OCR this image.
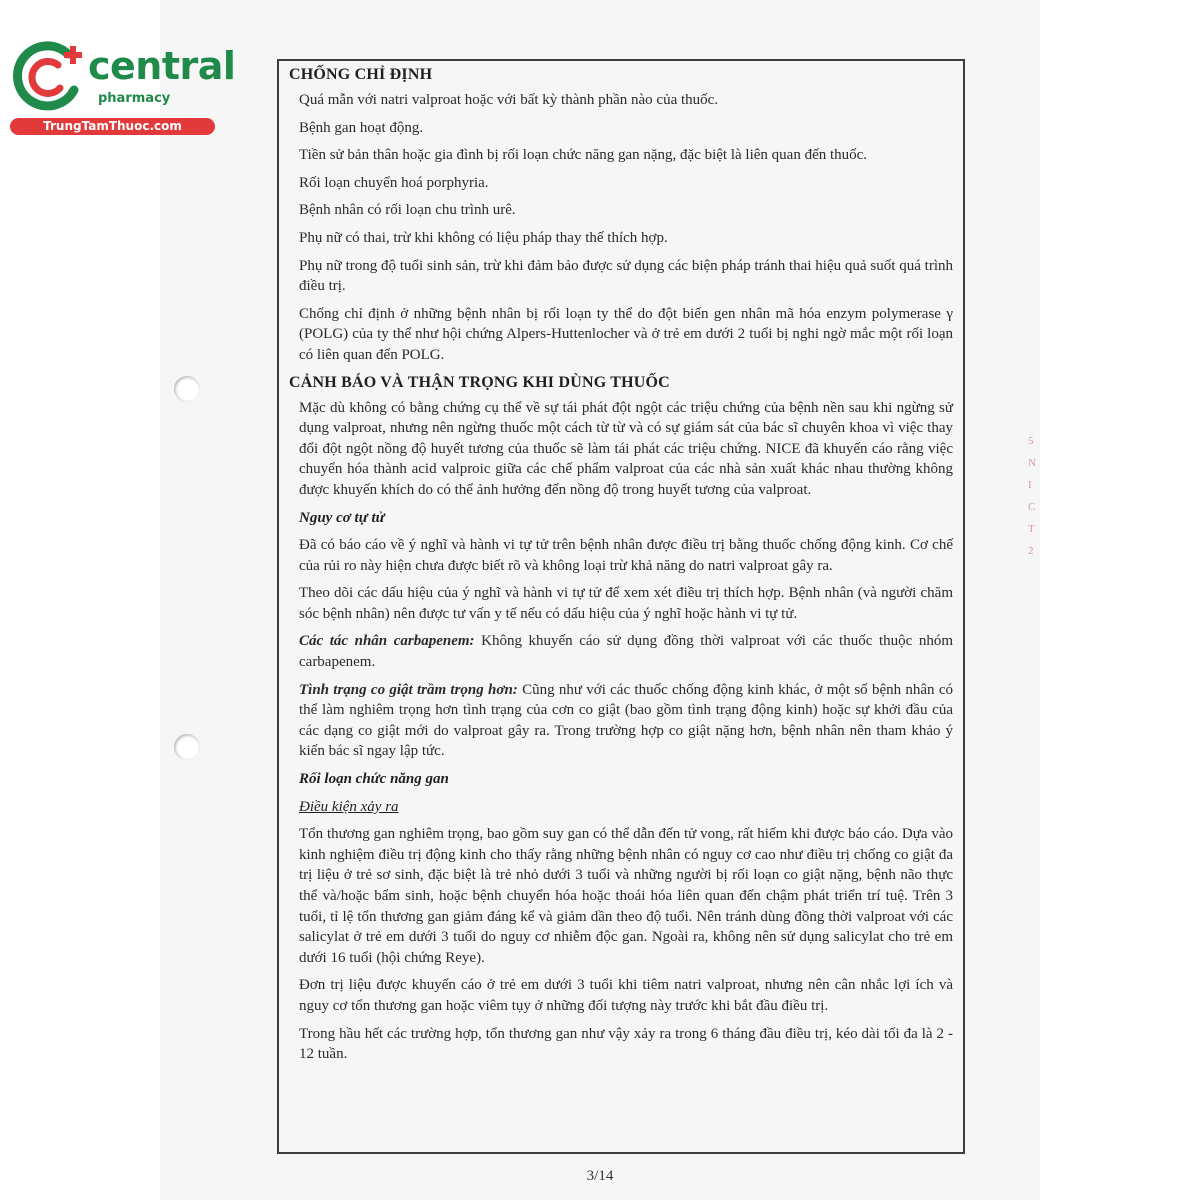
5
N
I
C
T
2
central
pharmacy
TrungTamThuoc.com
CHỐNG CHỈ ĐỊNH
Quá mẫn với natri valproat hoặc với bất kỳ thành phần nào của thuốc.
Bệnh gan hoạt động.
Tiền sử bản thân hoặc gia đình bị rối loạn chức năng gan nặng, đặc biệt là liên quan đến thuốc.
Rối loạn chuyển hoá porphyria.
Bệnh nhân có rối loạn chu trình urê.
Phụ nữ có thai, trừ khi không có liệu pháp thay thế thích hợp.
Phụ nữ trong độ tuổi sinh sản, trừ khi đảm bảo được sử dụng các biện pháp tránh thai hiệu quả suốt quá trình điều trị.
Chống chỉ định ở những bệnh nhân bị rối loạn ty thể do đột biến gen nhân mã hóa enzym polymerase γ (POLG) của ty thể như hội chứng Alpers-Huttenlocher và ở trẻ em dưới 2 tuổi bị nghi ngờ mắc một rối loạn có liên quan đến POLG.
CẢNH BÁO VÀ THẬN TRỌNG KHI DÙNG THUỐC
Mặc dù không có bằng chứng cụ thể về sự tái phát đột ngột các triệu chứng của bệnh nền sau khi ngừng sử dụng valproat, nhưng nên ngừng thuốc một cách từ từ và có sự giám sát của bác sĩ chuyên khoa vì việc thay đổi đột ngột nồng độ huyết tương của thuốc sẽ làm tái phát các triệu chứng. NICE đã khuyến cáo rằng việc chuyển hóa thành acid valproic giữa các chế phẩm valproat của các nhà sản xuất khác nhau thường không được khuyến khích do có thể ảnh hưởng đến nồng độ trong huyết tương của valproat.
Nguy cơ tự tử
Đã có báo cáo về ý nghĩ và hành vi tự tử trên bệnh nhân được điều trị bằng thuốc chống động kinh. Cơ chế của rủi ro này hiện chưa được biết rõ và không loại trừ khả năng do natri valproat gây ra.
Theo dõi các dấu hiệu của ý nghĩ và hành vi tự tử để xem xét điều trị thích hợp. Bệnh nhân (và người chăm sóc bệnh nhân) nên được tư vấn y tế nếu có dấu hiệu của ý nghĩ hoặc hành vi tự tử.
Các tác nhân carbapenem: Không khuyến cáo sử dụng đồng thời valproat với các thuốc thuộc nhóm carbapenem.
Tình trạng co giật trầm trọng hơn: Cũng như với các thuốc chống động kinh khác, ở một số bệnh nhân có thể làm nghiêm trọng hơn tình trạng của cơn co giật (bao gồm tình trạng động kinh) hoặc sự khởi đầu của các dạng co giật mới do valproat gây ra. Trong trường hợp co giật nặng hơn, bệnh nhân nên tham khảo ý kiến bác sĩ ngay lập tức.
Rối loạn chức năng gan
Điều kiện xảy ra
Tổn thương gan nghiêm trọng, bao gồm suy gan có thể dẫn đến tử vong, rất hiếm khi được báo cáo. Dựa vào kinh nghiệm điều trị động kinh cho thấy rằng những bệnh nhân có nguy cơ cao như điều trị chống co giật đa trị liệu ở trẻ sơ sinh, đặc biệt là trẻ nhỏ dưới 3 tuổi và những người bị rối loạn co giật nặng, bệnh não thực thể và/hoặc bẩm sinh, hoặc bệnh chuyển hóa hoặc thoái hóa liên quan đến chậm phát triển trí tuệ. Trên 3 tuổi, tỉ lệ tổn thương gan giảm đáng kể và giảm dần theo độ tuổi. Nên tránh dùng đồng thời valproat với các salicylat ở trẻ em dưới 3 tuổi do nguy cơ nhiễm độc gan. Ngoài ra, không nên sử dụng salicylat cho trẻ em dưới 16 tuổi (hội chứng Reye).
Đơn trị liệu được khuyến cáo ở trẻ em dưới 3 tuổi khi tiêm natri valproat, nhưng nên cân nhắc lợi ích và nguy cơ tổn thương gan hoặc viêm tụy ở những đối tượng này trước khi bắt đầu điều trị.
Trong hầu hết các trường hợp, tổn thương gan như vậy xảy ra trong 6 tháng đầu điều trị, kéo dài tối đa là 2 - 12 tuần.
3/14
